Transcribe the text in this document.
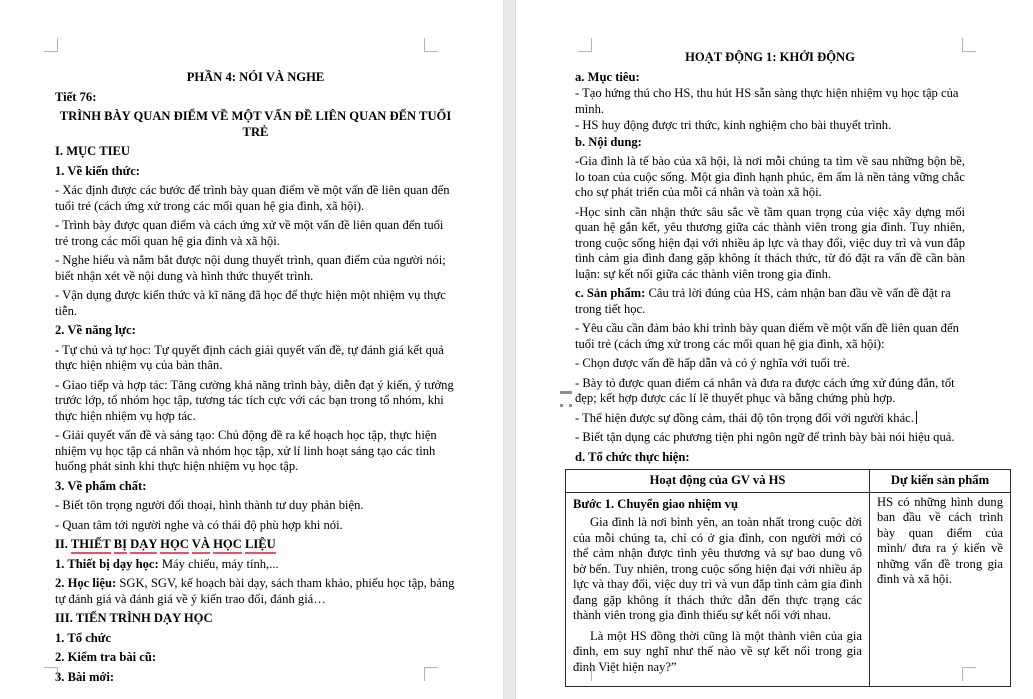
PHẦN 4: NÓI VÀ NGHE
Tiết 76:
TRÌNH BÀY QUAN ĐIỂM VỀ MỘT VẤN ĐỀ LIÊN QUAN ĐẾN TUỔI TRẺ
I. MỤC TIEU
1. Về kiến thức:
- Xác định được các bước để trình bày quan điểm về một vấn đề liên quan đến tuổi trẻ (cách ứng xử trong các mối quan hệ gia đình, xã hội).
- Trình bày được quan điểm và cách ứng xử về một vấn đề liên quan đến tuổi trẻ trong các mối quan hệ gia đình và xã hội.
- Nghe hiểu và nắm bắt được nội dung thuyết trình, quan điểm của người nói; biết nhận xét về nội dung và hình thức thuyết trình.
- Vận dụng được kiến thức và kĩ năng đã học để thực hiện một nhiệm vụ thực tiễn.
2. Về năng lực:
- Tự chủ và tự học: Tự quyết định cách giải quyết vấn đề, tự đánh giá kết quả thực hiện nhiệm vụ của bản thân.
- Giao tiếp và hợp tác: Tăng cường khả năng trình bày, diễn đạt ý kiến, ý tưởng trước lớp, tổ nhóm học tập, tương tác tích cực với các bạn trong tổ nhóm, khi thực hiện nhiệm vụ hợp tác.
- Giải quyết vấn đề và sáng tạo: Chủ động đề ra kế hoạch học tập, thực hiện nhiệm vụ học tập cá nhân và nhóm học tập, xử lí linh hoạt sáng tạo các tình huống phát sinh khi thực hiện nhiệm vụ học tập.
3. Về phẩm chất:
- Biết tôn trọng người đối thoại, hình thành tư duy phản biện.
- Quan tâm tới người nghe và có thái độ phù hợp khi nói.
II. THIẾT BỊ DẠY HỌC VÀ HỌC LIỆU
1. Thiết bị dạy học: Máy chiếu, máy tính,...
2. Học liệu: SGK, SGV, kế hoạch bài dạy, sách tham khảo, phiếu học tập, bảng tự đánh giá và đánh giá về ý kiến trao đổi, đánh giá…
III. TIẾN TRÌNH DẠY HỌC
1. Tổ chức
2. Kiểm tra bài cũ:
3. Bài mới:
HOẠT ĐỘNG 1: KHỞI ĐỘNG
a. Mục tiêu:
- Tạo hứng thú cho HS, thu hút HS sẵn sàng thực hiện nhiệm vụ học tập của mình.
- HS huy động được tri thức, kinh nghiệm cho bài thuyết trình.
b. Nội dung:
-Gia đình là tế bào của xã hội, là nơi mỗi chúng ta tìm về sau những bộn bề, lo toan của cuộc sống. Một gia đình hạnh phúc, êm ấm là nền tảng vững chắc cho sự phát triển của mỗi cá nhân và toàn xã hội.
-Học sinh cần nhận thức sâu sắc về tầm quan trọng của việc xây dựng mối quan hệ gắn kết, yêu thương giữa các thành viên trong gia đình. Tuy nhiên, trong cuộc sống hiện đại với nhiều áp lực và thay đổi, việc duy trì và vun đắp tình cảm gia đình đang gặp không ít thách thức, từ đó đặt ra vấn đề cần bàn luận: sự kết nối giữa các thành viên trong gia đình.
c. Sản phẩm: Câu trả lời đúng của HS, cảm nhận ban đầu về vấn đề đặt ra trong tiết học.
- Yêu cầu cần đảm bảo khi trình bày quan điểm về một vấn đề liên quan đến tuổi trẻ (cách ứng xử trong các mối quan hệ gia đình, xã hội):
- Chọn được vấn đề hấp dẫn và có ý nghĩa với tuổi trẻ.
- Bày tỏ được quan điểm cá nhân và đưa ra được cách ứng xử đúng đắn, tốt đẹp; kết hợp được các lí lẽ thuyết phục và bằng chứng phù hợp.
- Thể hiện được sự đồng cảm, thái độ tôn trọng đối với người khác.
- Biết tận dụng các phương tiện phi ngôn ngữ để trình bày bài nói hiệu quả.
d. Tổ chức thực hiện:
Hoạt động của GV và HS	Dự kiến sản phẩm

Bước 1. Chuyển giao nhiệm vụ

Gia đình là nơi bình yên, an toàn nhất trong cuộc đời của mỗi chúng ta, chỉ có ở gia đình, con người mới có thể cảm nhận được tình yêu thương và sự bao dung vô bờ bến. Tuy nhiên, trong cuộc sống hiện đại với nhiều áp lực và thay đổi, việc duy trì và vun đắp tình cảm gia đình đang gặp không ít thách thức dẫn đến thực trạng các thành viên trong gia đình thiếu sự kết nối với nhau.

Là một HS đồng thời cũng là một thành viên của gia đình, em suy nghĩ như thế nào về sự kết nối trong gia đình Việt hiện nay?”	HS có những hình dung ban đầu về cách trình bày quan điểm của mình/ đưa ra ý kiến về những vấn đề trong gia đình và xã hội.
